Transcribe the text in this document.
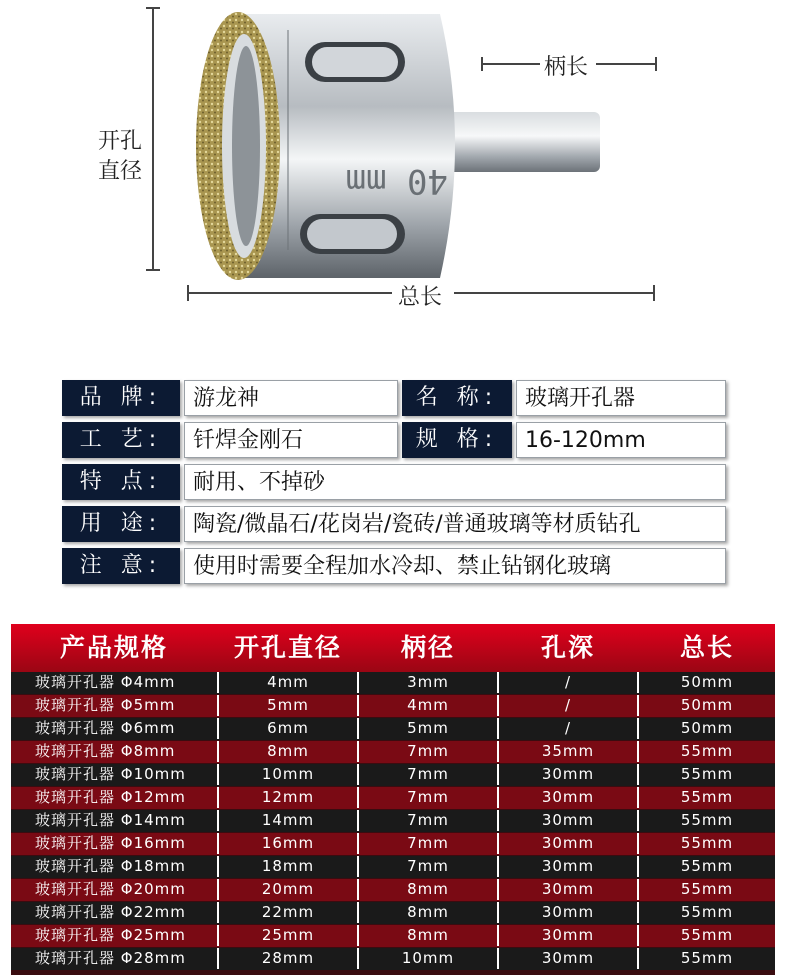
40 mm
开孔
直径
柄长
总长
品 牌:	游龙神	名 称:	玻璃开孔器
工 艺:	钎焊金刚石	规 格:	16-120mm
特 点:	耐用、不掉砂
用 途:	陶瓷/微晶石/花岗岩/瓷砖/普通玻璃等材质钻孔
注 意:	使用时需要全程加水冷却、禁止钻钢化玻璃
产品规格	开孔直径	柄径	孔深	总长
玻璃开孔器 Φ4mm	4mm	3mm	/	50mm
玻璃开孔器 Φ5mm	5mm	4mm	/	50mm
玻璃开孔器 Φ6mm	6mm	5mm	/	50mm
玻璃开孔器 Φ8mm	8mm	7mm	35mm	55mm
玻璃开孔器 Φ10mm	10mm	7mm	30mm	55mm
玻璃开孔器 Φ12mm	12mm	7mm	30mm	55mm
玻璃开孔器 Φ14mm	14mm	7mm	30mm	55mm
玻璃开孔器 Φ16mm	16mm	7mm	30mm	55mm
玻璃开孔器 Φ18mm	18mm	7mm	30mm	55mm
玻璃开孔器 Φ20mm	20mm	8mm	30mm	55mm
玻璃开孔器 Φ22mm	22mm	8mm	30mm	55mm
玻璃开孔器 Φ25mm	25mm	8mm	30mm	55mm
玻璃开孔器 Φ28mm	28mm	10mm	30mm	55mm
